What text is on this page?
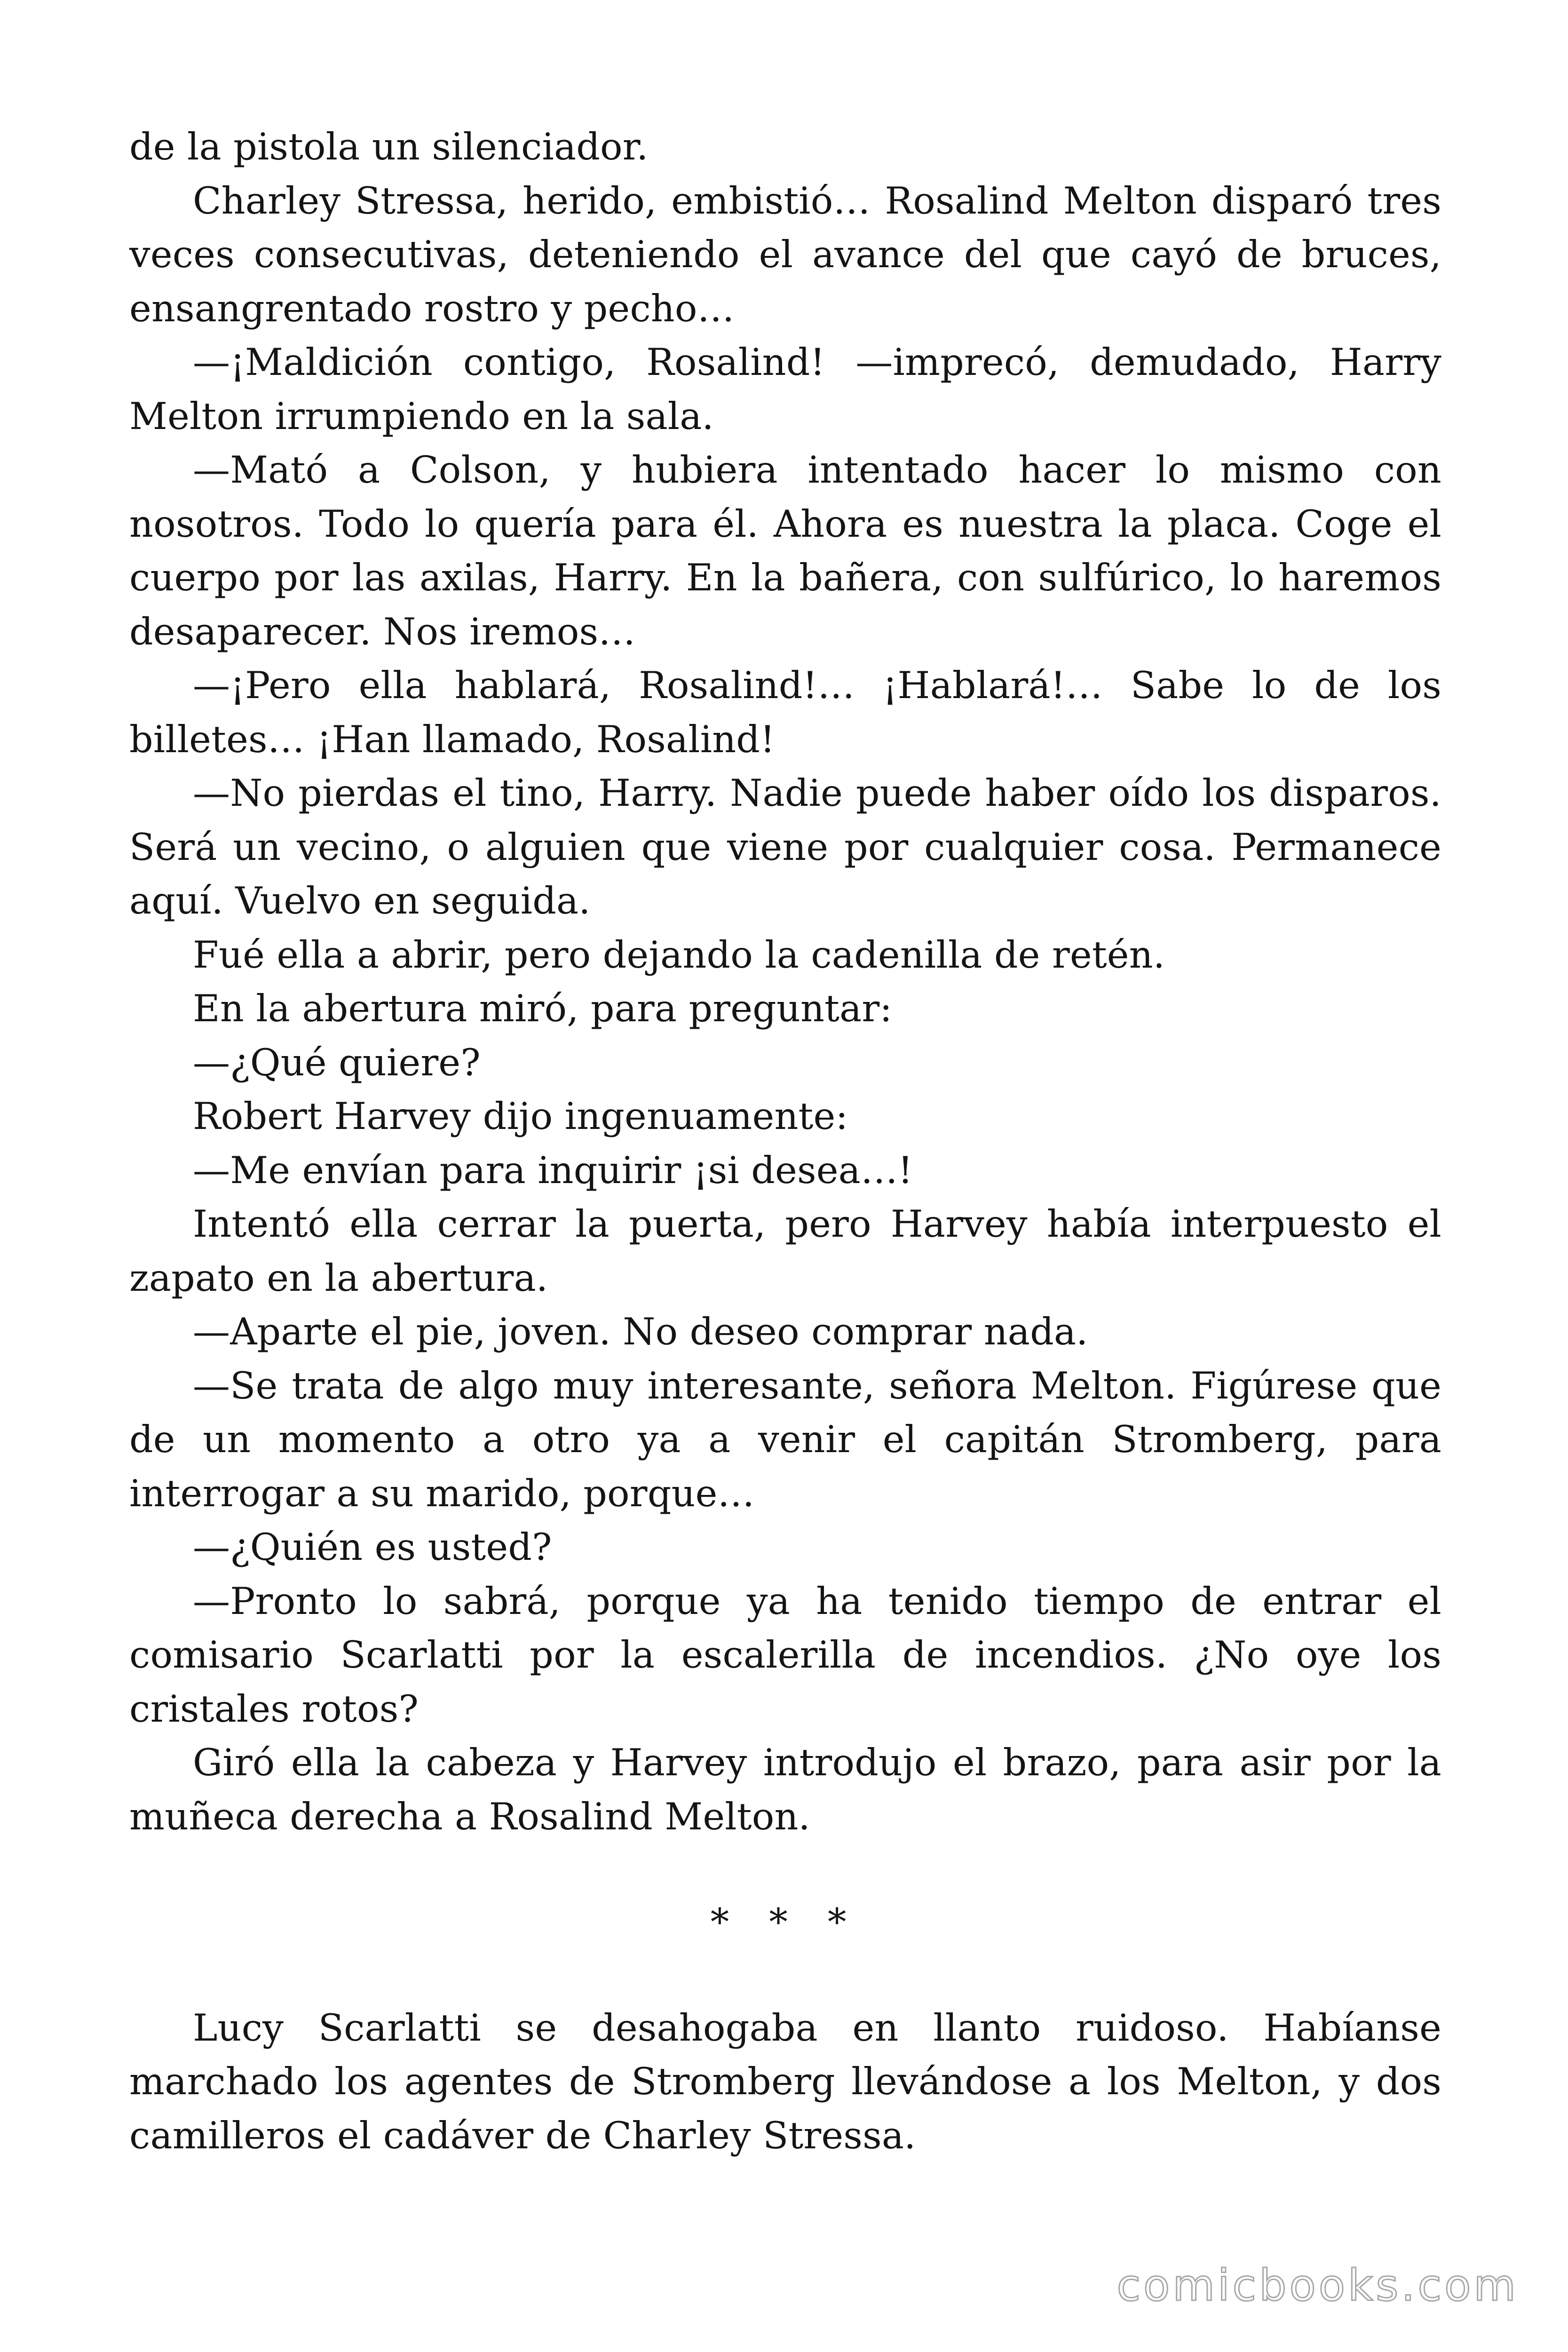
de la pistola un silenciador.

Charley Stressa, herido, embistió… Rosalind Melton disparó tres veces consecutivas, deteniendo el avance del que cayó de bruces, ensangrentado rostro y pecho…

—¡Maldición contigo, Rosalind! —imprecó, demudado, Harry Melton irrumpiendo en la sala.

—Mató a Colson, y hubiera intentado hacer lo mismo con nosotros. Todo lo quería para él. Ahora es nuestra la placa. Coge el cuerpo por las axilas, Harry. En la bañera, con sulfúrico, lo haremos desaparecer. Nos iremos…

—¡Pero ella hablará, Rosalind!… ¡Hablará!… Sabe lo de los billetes… ¡Han llamado, Rosalind!

—No pierdas el tino, Harry. Nadie puede haber oído los disparos. Será un vecino, o alguien que viene por cualquier cosa. Permanece aquí. Vuelvo en seguida.

Fué ella a abrir, pero dejando la cadenilla de retén.

En la abertura miró, para preguntar:

—¿Qué quiere?

Robert Harvey dijo ingenuamente:

—Me envían para inquirir ¡si desea…!

Intentó ella cerrar la puerta, pero Harvey había interpuesto el zapato en la abertura.

—Aparte el pie, joven. No deseo comprar nada.

—Se trata de algo muy interesante, señora Melton. Figúrese que de un momento a otro ya a venir el capitán Stromberg, para interrogar a su marido, porque…

—¿Quién es usted?

—Pronto lo sabrá, porque ya ha tenido tiempo de entrar el comisario Scarlatti por la escalerilla de incendios. ¿No oye los cristales rotos?

Giró ella la cabeza y Harvey introdujo el brazo, para asir por la muñeca derecha a Rosalind Melton.

* * *

Lucy Scarlatti se desahogaba en llanto ruidoso. Habíanse marchado los agentes de Stromberg llevándose a los Melton, y dos camilleros el cadáver de Charley Stressa.

comicbooks.com
